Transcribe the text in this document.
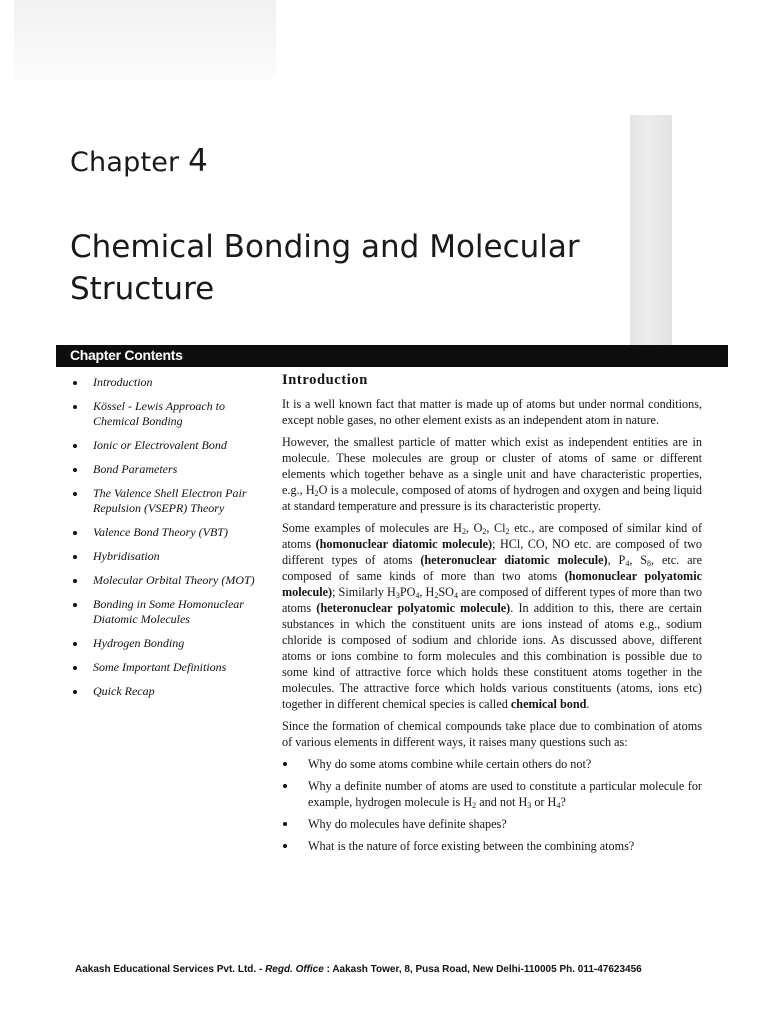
Chapter 4
Chemical Bonding and Molecular Structure
Chapter Contents
Introduction
Kössel - Lewis Approach to Chemical Bonding
Ionic or Electrovalent Bond
Bond Parameters
The Valence Shell Electron Pair Repulsion (VSEPR) Theory
Valence Bond Theory (VBT)
Hybridisation
Molecular Orbital Theory (MOT)
Bonding in Some Homonuclear Diatomic Molecules
Hydrogen Bonding
Some Important Definitions
Quick Recap
Introduction

It is a well known fact that matter is made up of atoms but under normal conditions, except noble gases, no other element exists as an independent atom in nature.

However, the smallest particle of matter which exist as independent entities are in molecule. These molecules are group or cluster of atoms of same or different elements which together behave as a single unit and have characteristic properties, e.g., $H_2O$ is a molecule, composed of atoms of hydrogen and oxygen and being liquid at standard temperature and pressure is its characteristic property.

Some examples of molecules are $H_2$, $O_2$, $Cl_2$ etc., are composed of similar kind of atoms (homonuclear diatomic molecule); HCl, CO, NO etc. are composed of two different types of atoms (heteronuclear diatomic molecule), $P_4$, $S_8$, etc. are composed of same kinds of more than two atoms (homonuclear polyatomic molecule); Similarly $H_3PO_4$, $H_2SO_4$ are composed of different types of more than two atoms (heteronuclear polyatomic molecule). In addition to this, there are certain substances in which the constituent units are ions instead of atoms e.g., sodium chloride is composed of sodium and chloride ions. As discussed above, different atoms or ions combine to form molecules and this combination is possible due to some kind of attractive force which holds these constituent atoms together in the molecules. The attractive force which holds various constituents (atoms, ions etc) together in different chemical species is called chemical bond.

Since the formation of chemical compounds take place due to combination of atoms of various elements in different ways, it raises many questions such as:

Why do some atoms combine while certain others do not?
Why a definite number of atoms are used to constitute a particular molecule for example, hydrogen molecule is $H_2$ and not $H_3$ or $H_4$?
Why do molecules have definite shapes?
What is the nature of force existing between the combining atoms?
Aakash Educational Services Pvt. Ltd. - Regd. Office : Aakash Tower, 8, Pusa Road, New Delhi-110005 Ph. 011-47623456
